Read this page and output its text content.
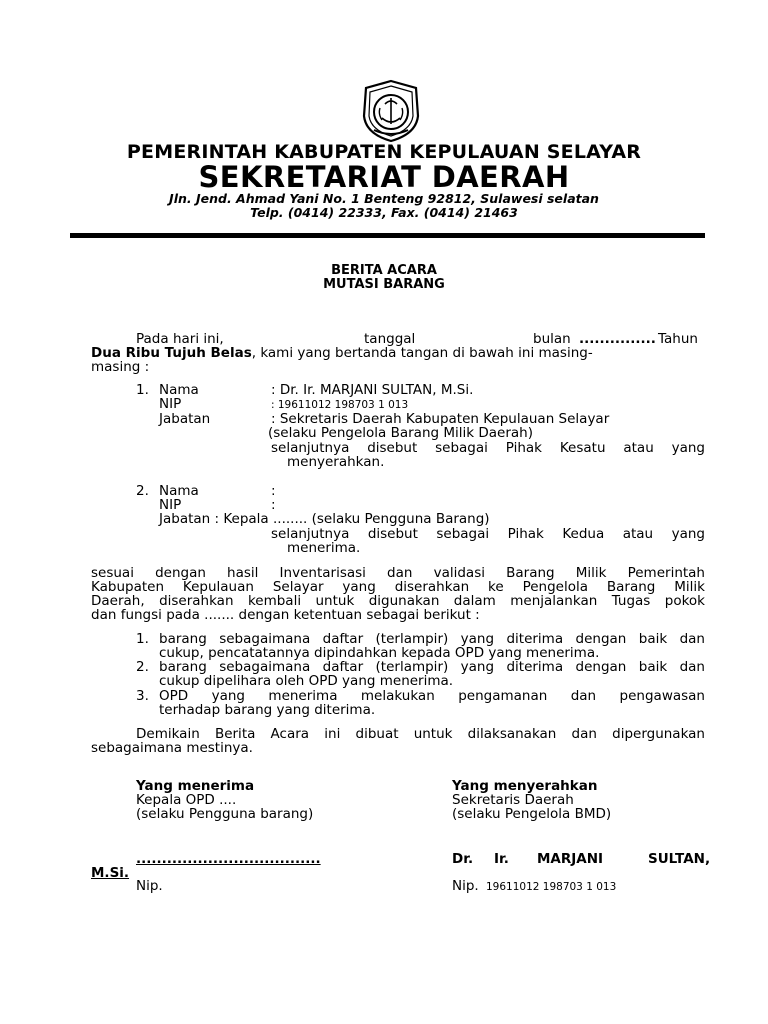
PEMERINTAH KABUPATEN KEPULAUAN SELAYAR
SEKRETARIAT DAERAH
Jln. Jend. Ahmad Yani No. 1 Benteng 92812, Sulawesi selatan
Telp. (0414) 22333, Fax. (0414) 21463
BERITA ACARA
MUTASI BARANG
Pada hari ini,	tanggal	bulan ............... Tahun
Dua Ribu Tujuh Belas, kami yang bertanda tangan di bawah ini masing-
masing :
1. Nama	: Dr. Ir. MARJANI SULTAN, M.Si.
NIP	: 19611012 198703 1 013
Jabatan	: Sekretaris Daerah Kabupaten Kepulauan Selayar
(selaku Pengelola Barang Milik Daerah)
selanjutnya disebut sebagai Pihak Kesatu atau yang
menyerahkan.
2. Nama	:
NIP	:
Jabatan : Kepala ........ (selaku Pengguna Barang)
selanjutnya disebut sebagai Pihak Kedua atau yang
menerima.
sesuai dengan hasil Inventarisasi dan validasi Barang Milik Pemerintah
Kabupaten Kepulauan Selayar yang diserahkan ke Pengelola Barang Milik
Daerah, diserahkan kembali untuk digunakan dalam menjalankan Tugas pokok
dan fungsi pada ....... dengan ketentuan sebagai berikut :
1. barang sebagaimana daftar (terlampir) yang diterima dengan baik dan
cukup, pencatatannya dipindahkan kepada OPD yang menerima.
2. barang sebagaimana daftar (terlampir) yang diterima dengan baik dan
cukup dipelihara oleh OPD yang menerima.
3. OPD yang menerima melakukan pengamanan dan pengawasan
terhadap barang yang diterima.
Demikain Berita Acara ini dibuat untuk dilaksanakan dan dipergunakan
sebagaimana mestinya.
Yang menerima
Kepala OPD ....
(selaku Pengguna barang)
....................................
Nip.
Yang menyerahkan
Sekretaris Daerah
(selaku Pengelola BMD)
Dr. Ir. MARJANI	SULTAN,
M.Si.
Nip. 19611012 198703 1 013
